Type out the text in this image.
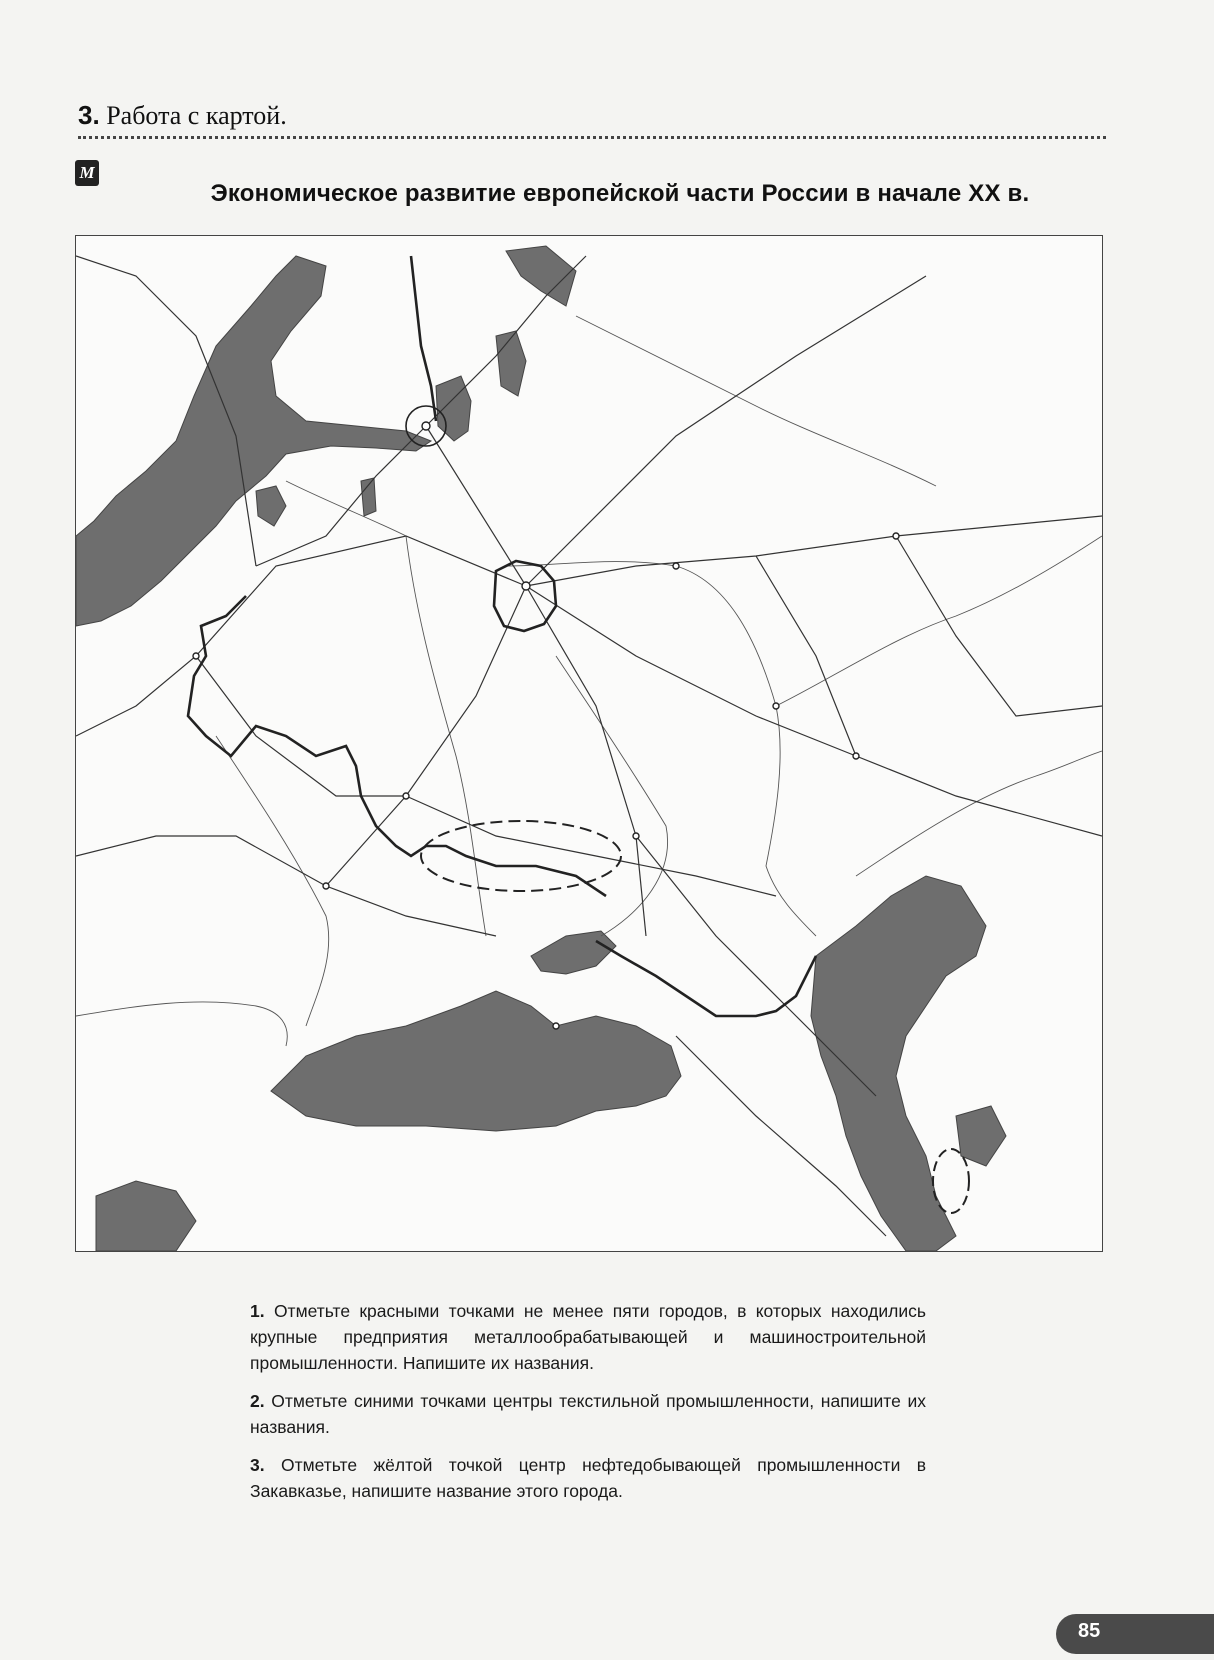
3. Работа с картой.
М
Экономическое развитие европейской части России в начале XX в.
1. Отметьте красными точками не менее пяти городов, в которых находились крупные предприятия металлообрабатывающей и машиностроительной промышленности. Напишите их названия.
2. Отметьте синими точками центры текстильной промышленности, напишите их названия.
3. Отметьте жёлтой точкой центр нефтедобывающей промышленности в Закавказье, напишите название этого города.
85
